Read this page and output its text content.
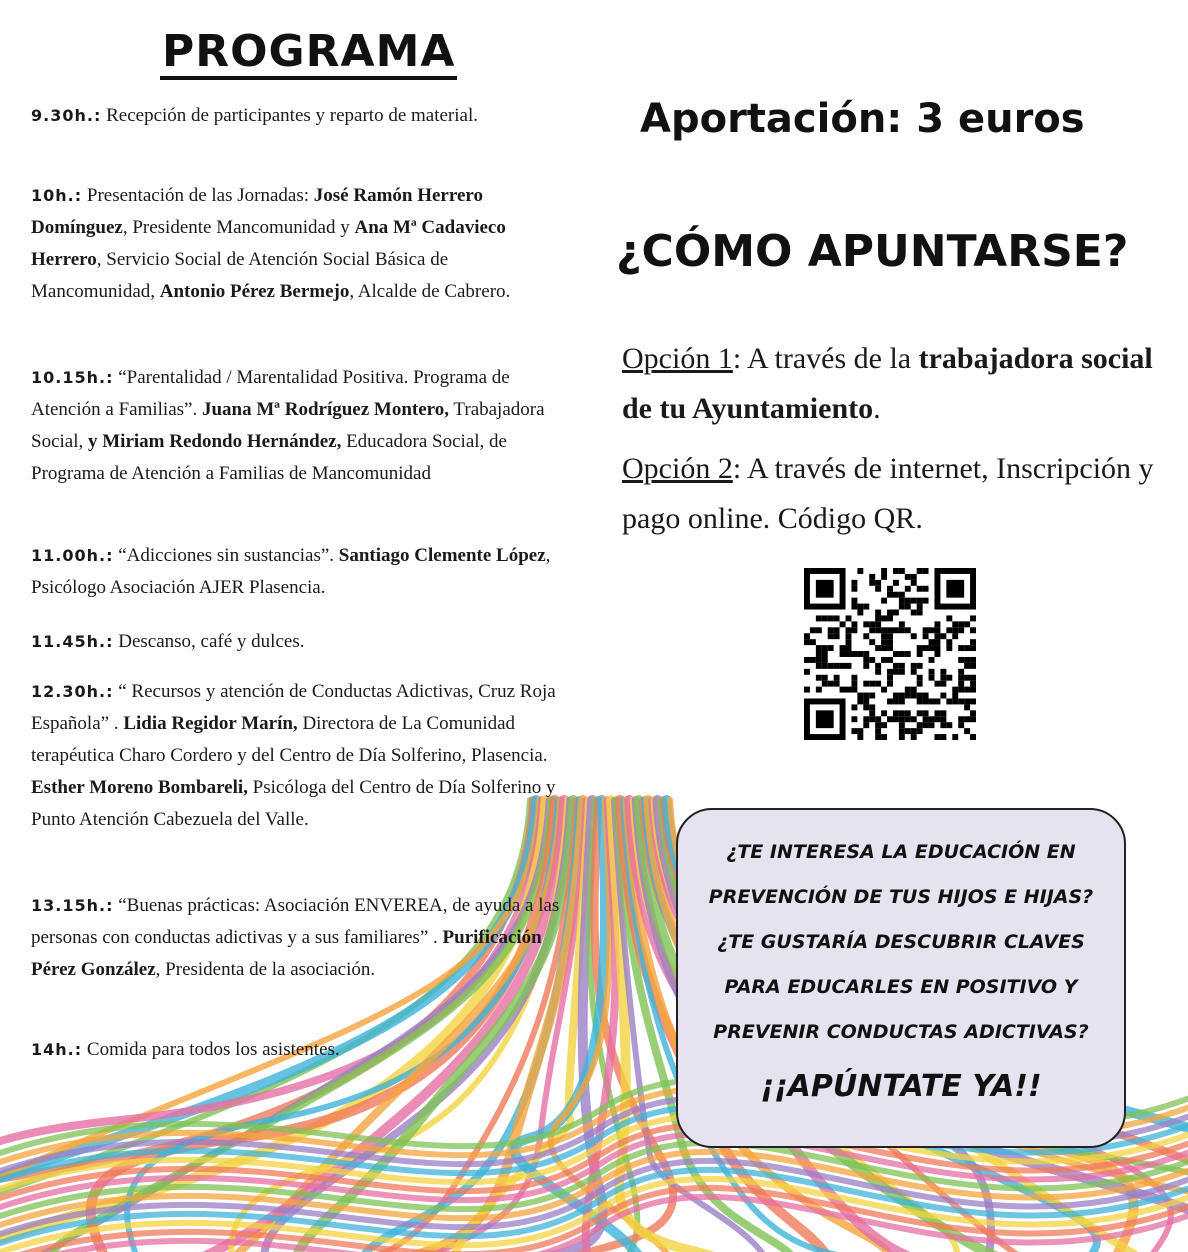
PROGRAMA
9.30h.: Recepción de participantes y reparto de material.
10h.: Presentación de las Jornadas: José Ramón Herrero Domínguez, Presidente Mancomunidad y Ana Mª Cadavieco Herrero, Servicio Social de Atención Social Básica de Mancomunidad, Antonio Pérez Bermejo, Alcalde de Cabrero.
10.15h.: “Parentalidad / Marentalidad Positiva. Programa de Atención a Familias”. Juana Mª Rodríguez Montero, Trabajadora Social, y Miriam Redondo Hernández, Educadora Social, de Programa de Atención a Familias de Mancomunidad
11.00h.: “Adicciones sin sustancias”. Santiago Clemente López, Psicólogo Asociación AJER Plasencia.
11.45h.: Descanso, café y dulces.
12.30h.: “ Recursos y atención de Conductas Adictivas, Cruz Roja Española” . Lidia Regidor Marín, Directora de La Comunidad terapéutica Charo Cordero y del Centro de Día Solferino, Plasencia. Esther Moreno Bombareli, Psicóloga del Centro de Día Solferino y Punto Atención Cabezuela del Valle.
13.15h.: “Buenas prácticas: Asociación ENVEREA, de ayuda a las personas con conductas adictivas y a sus familiares” . Purificación Pérez González, Presidenta de la asociación.
14h.: Comida para todos los asistentes.
Aportación: 3 euros
¿CÓMO APUNTARSE?
Opción 1: A través de la trabajadora social de tu Ayuntamiento.
Opción 2: A través de internet, Inscripción y pago online. Código QR.

¿TE INTERESA LA EDUCACIÓN EN PREVENCIÓN DE TUS HIJOS E HIJAS?

¿TE GUSTARÍA DESCUBRIR CLAVES PARA EDUCARLES EN POSITIVO Y PREVENIR CONDUCTAS ADICTIVAS?

¡¡APÚNTATE YA!!
